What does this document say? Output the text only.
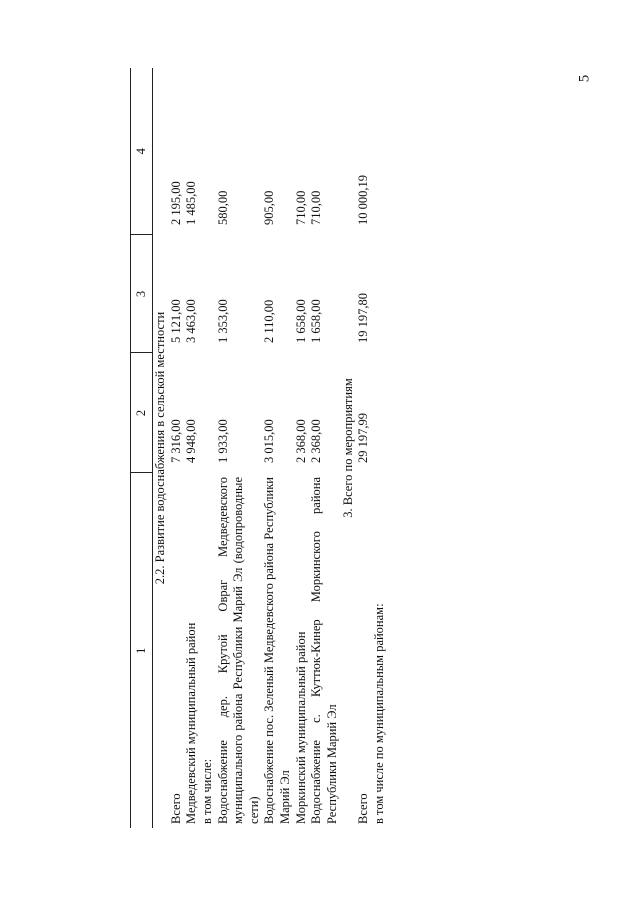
5
1	2	3	4
2.2. Развитие водоснабжения в сельской местности			
Всего	7 316,00	5 121,00	2 195,00
Медведевский муниципальный район	4 948,00	3 463,00	1 485,00
в том числе:			
Водоснабжение дер. Крутой Овраг Медведевского муниципального района Республики Марий Эл (водопроводные сети)	1 933,00	1 353,00	580,00
Водоснабжение пос. Зеленый Медведевского района Республики Марий Эл	3 015,00	2 110,00	905,00
Моркинский муниципальный район	2 368,00	1 658,00	710,00
Водоснабжение с. Куттюк-Кинер Моркинского района Республики Марий Эл	2 368,00	1 658,00	710,00
3. Всего по мероприятиям			
Всего	29 197,99	19 197,80	10 000,19
в том числе по муниципальным районам:			
